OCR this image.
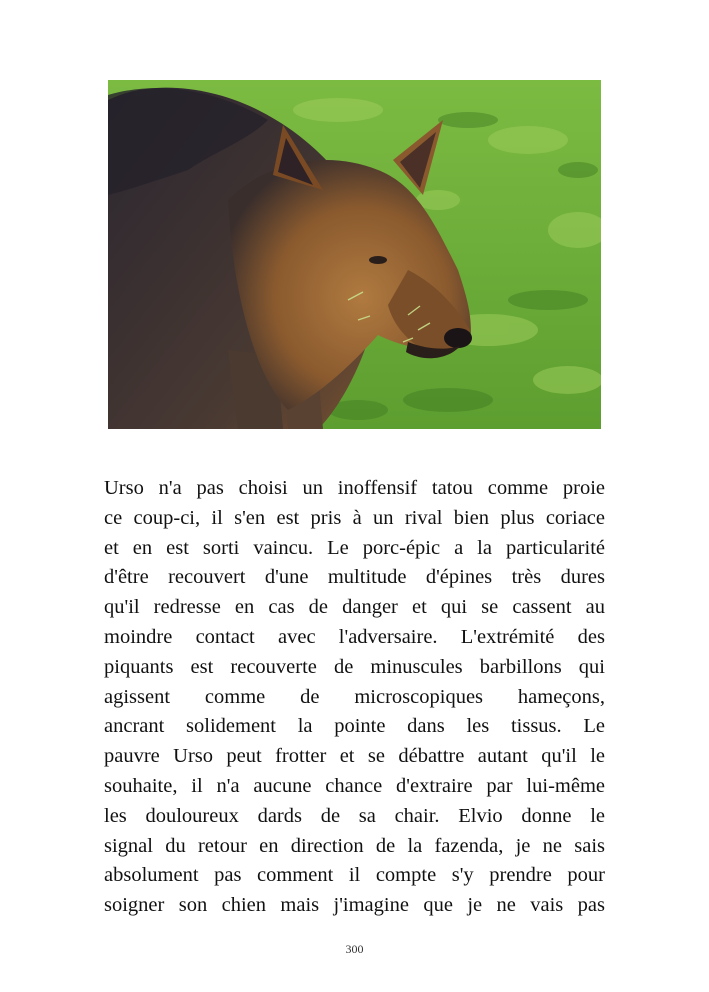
Urso n'a pas choisi un inoffensif tatou comme proie
ce coup-ci, il s'en est pris à un rival bien plus coriace
et en est sorti vaincu. Le porc-épic a la particularité
d'être recouvert d'une multitude d'épines très dures
qu'il redresse en cas de danger et qui se cassent au
moindre contact avec l'adversaire. L'extrémité des
piquants est recouverte de minuscules barbillons qui
agissent comme de microscopiques hameçons,
ancrant solidement la pointe dans les tissus. Le
pauvre Urso peut frotter et se débattre autant qu'il le
souhaite, il n'a aucune chance d'extraire par lui-même
les douloureux dards de sa chair. Elvio donne le
signal du retour en direction de la fazenda, je ne sais
absolument pas comment il compte s'y prendre pour
soigner son chien mais j'imagine que je ne vais pas
300
